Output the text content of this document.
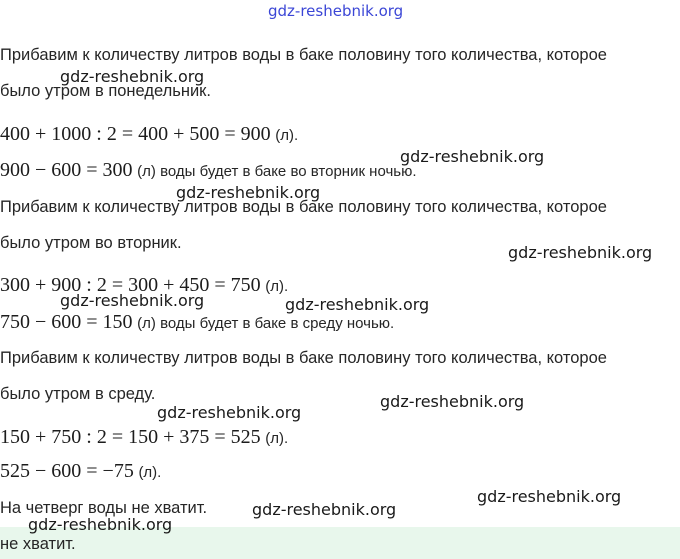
gdz-reshebnik.org
Прибавим к количеству литров воды в баке половину того количества, которое
было утром в понедельник.
400 + 1000 : 2 = 400 + 500 = 900 (л).
900 − 600 = 300 (л) воды будет в баке во вторник ночью.
Прибавим к количеству литров воды в баке половину того количества, которое
было утром во вторник.
300 + 900 : 2 = 300 + 450 = 750 (л).
750 − 600 = 150 (л) воды будет в баке в среду ночью.
Прибавим к количеству литров воды в баке половину того количества, которое
было утром в среду.
150 + 750 : 2 = 150 + 375 = 525 (л).
525 − 600 = −75 (л).
На четверг воды не хватит.
не хватит.
gdz-reshebnik.org
gdz-reshebnik.org
gdz-reshebnik.org
gdz-reshebnik.org
gdz-reshebnik.org	gdz-reshebnik.org
gdz-reshebnik.org
gdz-reshebnik.org
gdz-reshebnik.org
gdz-reshebnik.org
gdz-reshebnik.org
